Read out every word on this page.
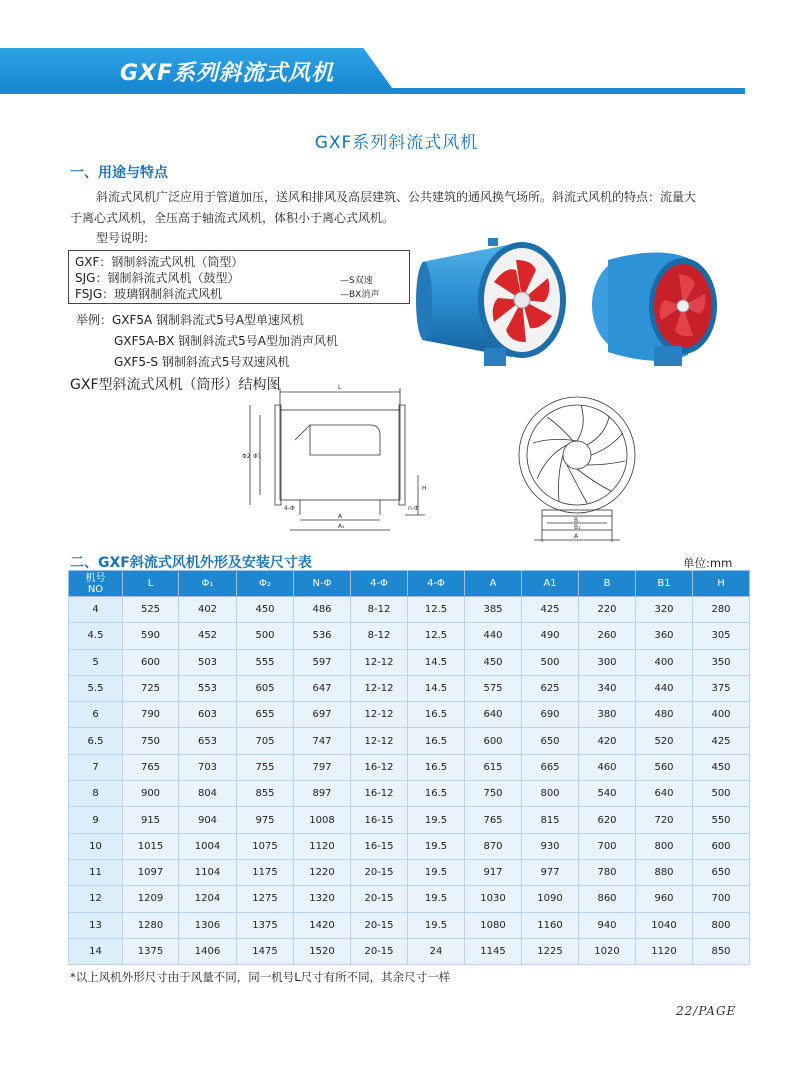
GXF系列斜流式风机
GXF系列斜流式风机
一、用途与特点
斜流式风机广泛应用于管道加压，送风和排风及高层建筑、公共建筑的通风换气场所。斜流式风机的特点：流量大
于离心式风机，全压高于轴流式风机，体积小于离心式风机。
型号说明:
GXF：钢制斜流式风机（筒型）
SJG：钢制斜流式风机（鼓型）
FSJG：玻璃钢制斜流式风机
—S双速
—BX消声
举例：GXF5A 钢制斜流式5号A型单速风机
GXF5A-BX 钢制斜流式5号A型加消声风机
GXF5-S 钢制斜流式5号双速风机
GXF型斜流式风机（筒形）结构图	L
Φ2 Φ1
4-Φ
A
A₁
n-Φ
H
B
B₁
A
二、GXF斜流式风机外形及安装尺寸表	单位:mm
机号
NO	L	Φ₁	Φ₂	N-Φ	4-Φ	4-Φ	A	A1	B	B1	H
4	525	402	450	486	8-12	12.5	385	425	220	320	280
4.5	590	452	500	536	8-12	12.5	440	490	260	360	305
5	600	503	555	597	12-12	14.5	450	500	300	400	350
5.5	725	553	605	647	12-12	14.5	575	625	340	440	375
6	790	603	655	697	12-12	16.5	640	690	380	480	400
6.5	750	653	705	747	12-12	16.5	600	650	420	520	425
7	765	703	755	797	16-12	16.5	615	665	460	560	450
8	900	804	855	897	16-12	16.5	750	800	540	640	500
9	915	904	975	1008	16-15	19.5	765	815	620	720	550
10	1015	1004	1075	1120	16-15	19.5	870	930	700	800	600
11	1097	1104	1175	1220	20-15	19.5	917	977	780	880	650
12	1209	1204	1275	1320	20-15	19.5	1030	1090	860	960	700
13	1280	1306	1375	1420	20-15	19.5	1080	1160	940	1040	800
14	1375	1406	1475	1520	20-15	24	1145	1225	1020	1120	850
*以上风机外形尺寸由于风量不同，同一机号L尺寸有所不同，其余尺寸一样
22/PAGE
